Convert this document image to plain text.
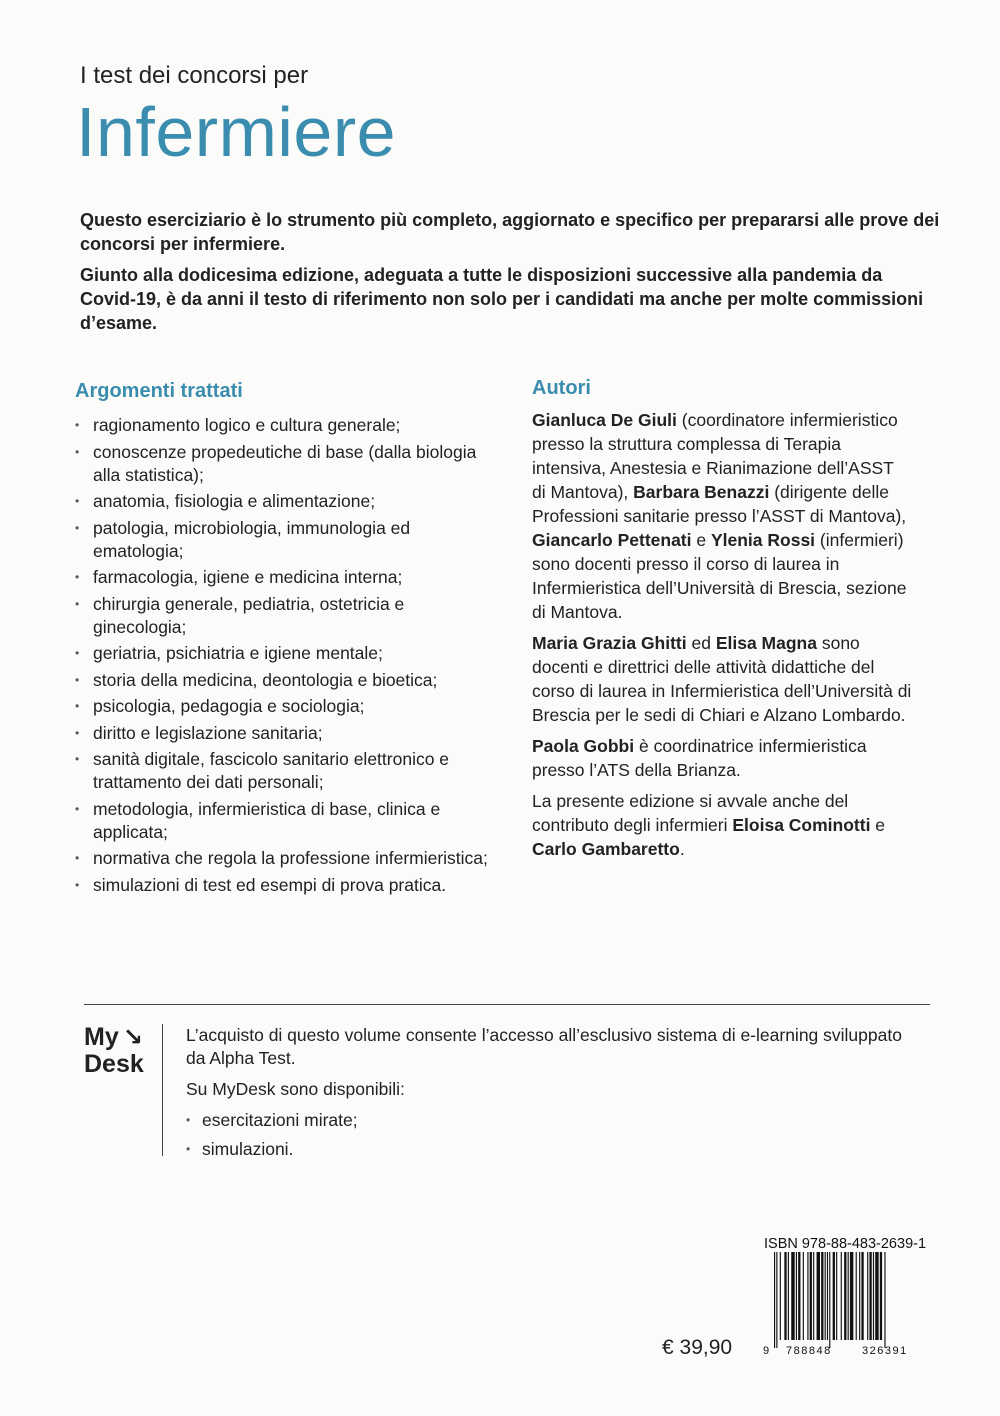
I test dei concorsi per
Infermiere

Questo eserciziario è lo strumento più completo, aggiornato e specifico per prepararsi alle prove dei concorsi per infermiere.

Giunto alla dodicesima edizione, adeguata a tutte le disposizioni successive alla pandemia da Covid-19, è da anni il testo di riferimento non solo per i candidati ma anche per molte commissioni d’esame.

Argomenti trattati
• ragionamento logico e cultura generale;
• conoscenze propedeutiche di base (dalla biologia alla statistica);
• anatomia, fisiologia e alimentazione;
• patologia, microbiologia, immunologia ed ematologia;
• farmacologia, igiene e medicina interna;
• chirurgia generale, pediatria, ostetricia e ginecologia;
• geriatria, psichiatria e igiene mentale;
• storia della medicina, deontologia e bioetica;
• psicologia, pedagogia e sociologia;
• diritto e legislazione sanitaria;
• sanità digitale, fascicolo sanitario elettronico e trattamento dei dati personali;
• metodologia, infermieristica di base, clinica e applicata;
• normativa che regola la professione infermieristica;
• simulazioni di test ed esempi di prova pratica.
Autori

Gianluca De Giuli (coordinatore infermieristico presso la struttura complessa di Terapia intensiva, Anestesia e Rianimazione dell’ASST di Mantova), Barbara Benazzi (dirigente delle Professioni sanitarie presso l’ASST di Mantova), Giancarlo Pettenati e Ylenia Rossi (infermieri) sono docenti presso il corso di laurea in Infermieristica dell’Università di Brescia, sezione di Mantova.

Maria Grazia Ghitti ed Elisa Magna sono docenti e direttrici delle attività didattiche del corso di laurea in Infermieristica dell’Università di Brescia per le sedi di Chiari e Alzano Lombardo.

Paola Gobbi è coordinatrice infermieristica presso l’ATS della Brianza.

La presente edizione si avvale anche del contributo degli infermieri Eloisa Cominotti e Carlo Gambaretto.

My ↘
Desk

L’acquisto di questo volume consente l’accesso all’esclusivo sistema di e-learning sviluppato da Alpha Test.

Su MyDesk sono disponibili:

• esercitazioni mirate;
• simulazioni.
ISBN 978-88-483-2639-1
9 788848	326391
€ 39,90
